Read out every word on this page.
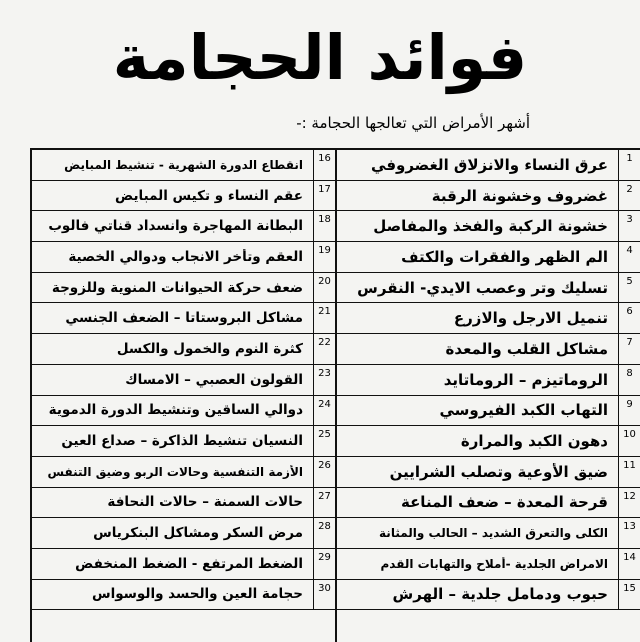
فوائد الحجامة
أشهر الأمراض التي تعالجها الحجامة :-
16
انقطاع الدورة الشهرية - تنشيط المبايض
17
عقم النساء و تكيس المبايض
18
البطانة المهاجرة وانسداد قناتي فالوب
19
العقم وتأخر الانجاب ودوالي الخصية
20
ضعف حركة الحيوانات المنوية وللزوجة
21
مشاكل البروستاتا – الضعف الجنسي
22
كثرة النوم والخمول والكسل
23
القولون العصبي – الامساك
24
دوالي الساقين وتنشيط الدورة الدموية
25
النسيان تنشيط الذاكرة – صداع العين
26
الأزمة التنفسية وحالات الربو وضيق التنفس
27
حالات السمنة – حالات النحافة
28
مرض السكر ومشاكل البنكرياس
29
الضغط المرتفع - الضغط المنخفض
30
حجامة العين والحسد والوسواس
1
عرق النساء والانزلاق الغضروفي
2
غضروف وخشونة الرقبة
3
خشونة الركبة والفخذ والمفاصل
4
الم الظهر والفقرات والكتف
5
تسليك وتر وعصب الايدي- النقرس
6
تنميل الارجل والازرع
7
مشاكل القلب والمعدة
8
الروماتيزم – الروماتايد
9
التهاب الكبد الفيروسي
10
دهون الكبد والمرارة
11
ضيق الأوعية وتصلب الشرايين
12
قرحة المعدة – ضعف المناعة
13
الكلى والتعرق الشديد – الحالب والمثانة
14
الامراض الجلدية -أملاح والتهابات القدم
15
حبوب ودمامل جلدية – الهرش
